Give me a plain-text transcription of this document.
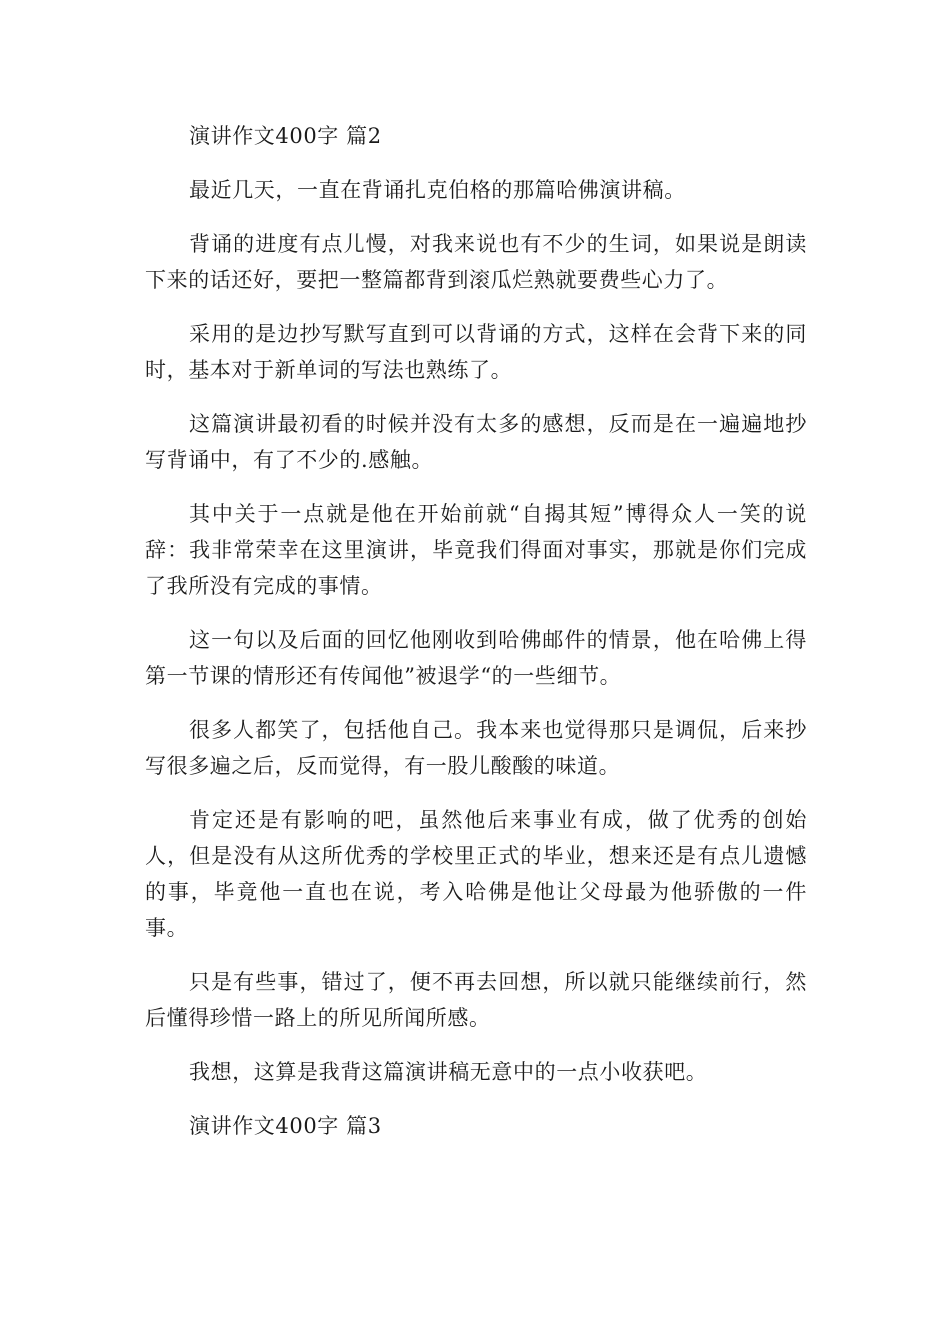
演讲作文400字 篇2

最近几天，一直在背诵扎克伯格的那篇哈佛演讲稿。

背诵的进度有点儿慢，对我来说也有不少的生词，如果说是朗读下来的话还好，要把一整篇都背到滚瓜烂熟就要费些心力了。

采用的是边抄写默写直到可以背诵的方式，这样在会背下来的同时，基本对于新单词的写法也熟练了。

这篇演讲最初看的时候并没有太多的感想，反而是在一遍遍地抄写背诵中，有了不少的.感触。

其中关于一点就是他在开始前就“自揭其短”博得众人一笑的说辞：我非常荣幸在这里演讲，毕竟我们得面对事实，那就是你们完成了我所没有完成的事情。

这一句以及后面的回忆他刚收到哈佛邮件的情景，他在哈佛上得第一节课的情形还有传闻他”被退学“的一些细节。

很多人都笑了，包括他自己。我本来也觉得那只是调侃，后来抄写很多遍之后，反而觉得，有一股儿酸酸的味道。

肯定还是有影响的吧，虽然他后来事业有成，做了优秀的创始人，但是没有从这所优秀的学校里正式的毕业，想来还是有点儿遗憾的事，毕竟他一直也在说，考入哈佛是他让父母最为他骄傲的一件事。

只是有些事，错过了，便不再去回想，所以就只能继续前行，然后懂得珍惜一路上的所见所闻所感。

我想，这算是我背这篇演讲稿无意中的一点小收获吧。

演讲作文400字 篇3
